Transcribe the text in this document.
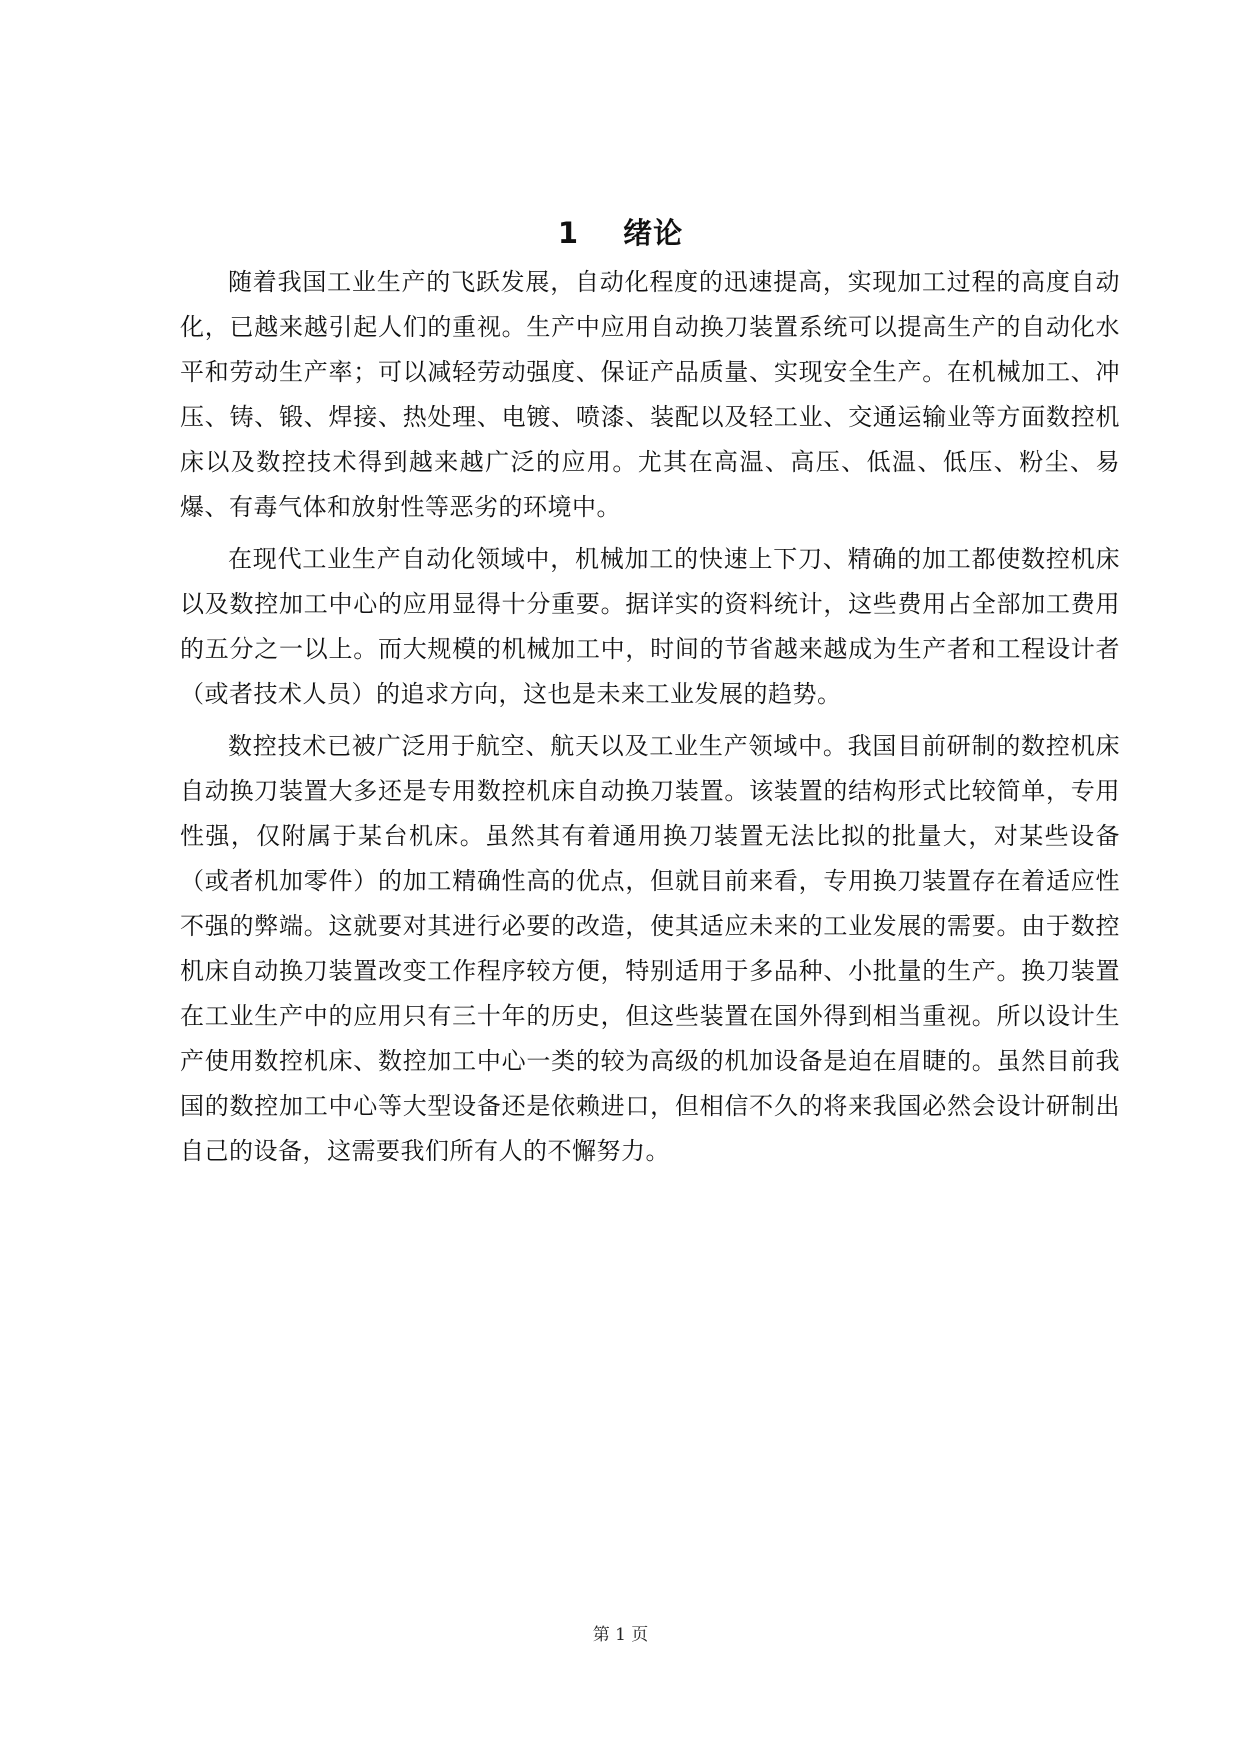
1 绪论

随着我国工业生产的飞跃发展，自动化程度的迅速提高，实现加工过程的高度自动化，已越来越引起人们的重视。生产中应用自动换刀装置系统可以提高生产的自动化水平和劳动生产率；可以减轻劳动强度、保证产品质量、实现安全生产。在机械加工、冲压、铸、锻、焊接、热处理、电镀、喷漆、装配以及轻工业、交通运输业等方面数控机床以及数控技术得到越来越广泛的应用。尤其在高温、高压、低温、低压、粉尘、易爆、有毒气体和放射性等恶劣的环境中。

在现代工业生产自动化领域中，机械加工的快速上下刀、精确的加工都使数控机床以及数控加工中心的应用显得十分重要。据详实的资料统计，这些费用占全部加工费用的五分之一以上。而大规模的机械加工中，时间的节省越来越成为生产者和工程设计者（或者技术人员）的追求方向，这也是未来工业发展的趋势。

数控技术已被广泛用于航空、航天以及工业生产领域中。我国目前研制的数控机床自动换刀装置大多还是专用数控机床自动换刀装置。该装置的结构形式比较简单，专用性强，仅附属于某台机床。虽然其有着通用换刀装置无法比拟的批量大，对某些设备（或者机加零件）的加工精确性高的优点，但就目前来看，专用换刀装置存在着适应性不强的弊端。这就要对其进行必要的改造，使其适应未来的工业发展的需要。由于数控机床自动换刀装置改变工作程序较方便，特别适用于多品种、小批量的生产。换刀装置在工业生产中的应用只有三十年的历史，但这些装置在国外得到相当重视。所以设计生产使用数控机床、数控加工中心一类的较为高级的机加设备是迫在眉睫的。虽然目前我国的数控加工中心等大型设备还是依赖进口，但相信不久的将来我国必然会设计研制出自己的设备，这需要我们所有人的不懈努力。

第 1 页
